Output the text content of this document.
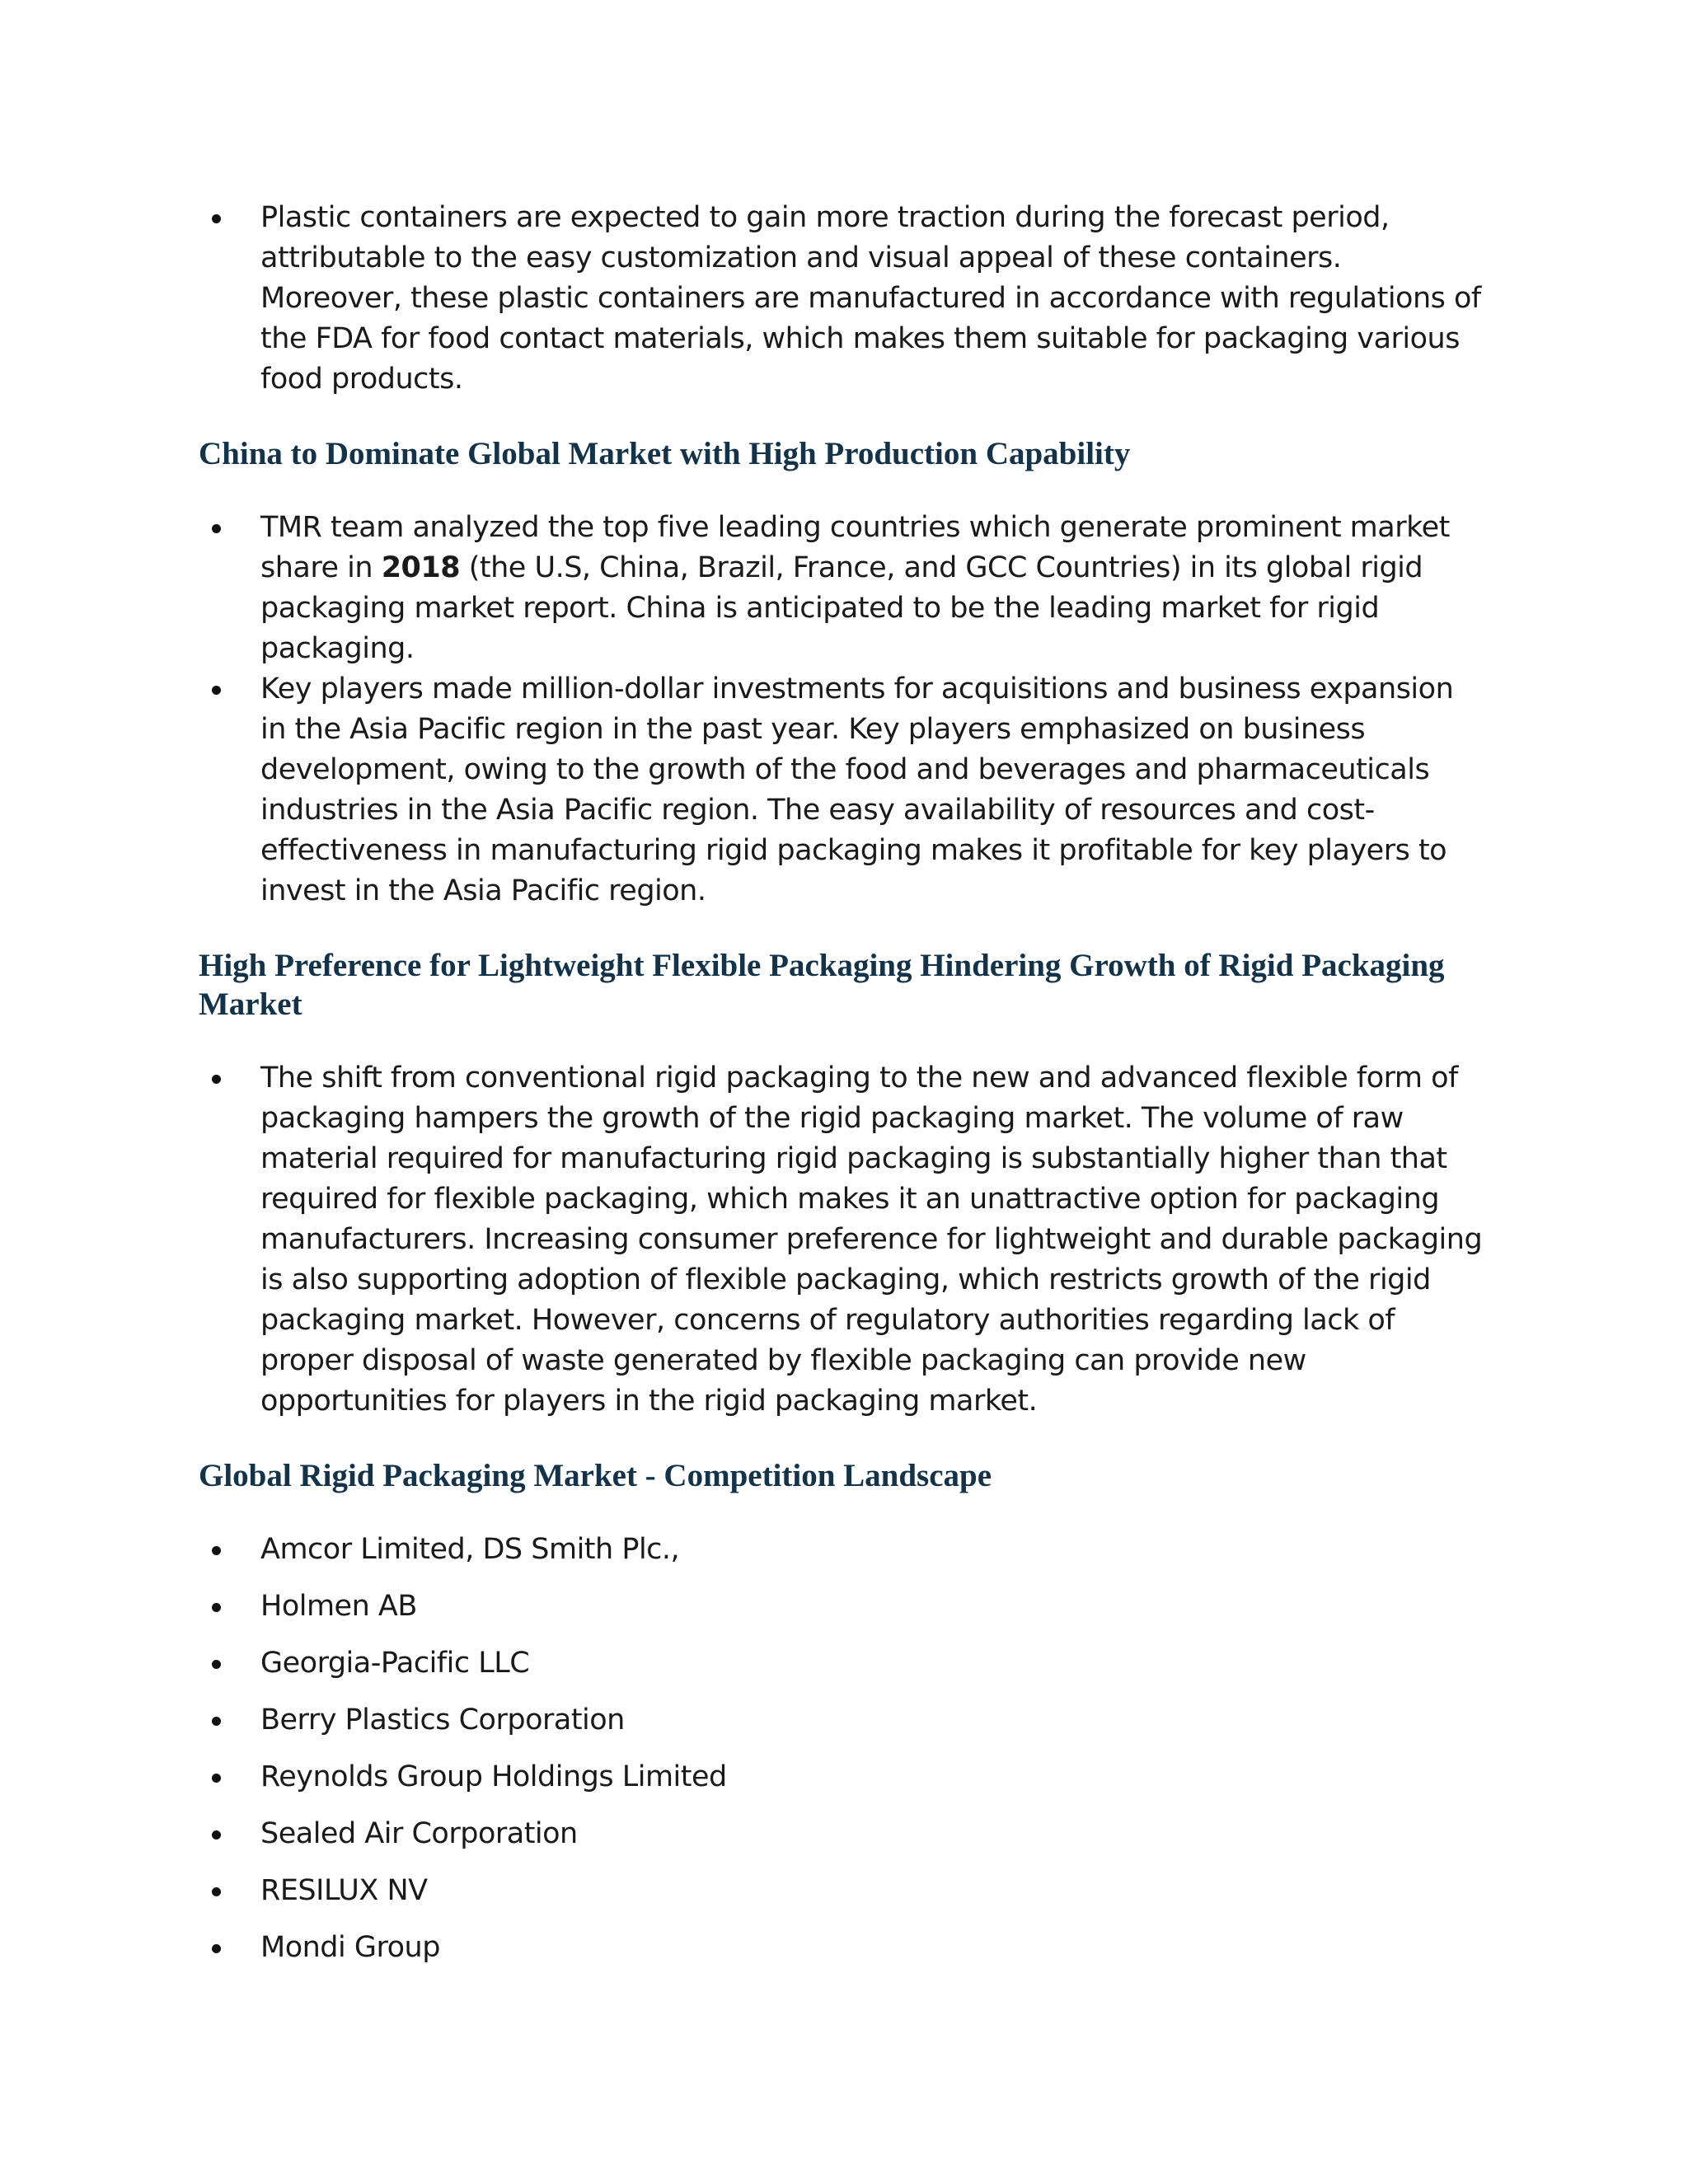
Plastic containers are expected to gain more traction during the forecast period, attributable to the easy customization and visual appeal of these containers. Moreover, these plastic containers are manufactured in accordance with regulations of the FDA for food contact materials, which makes them suitable for packaging various food products.
China to Dominate Global Market with High Production Capability
TMR team analyzed the top five leading countries which generate prominent market share in 2018 (the U.S, China, Brazil, France, and GCC Countries) in its global rigid packaging market report. China is anticipated to be the leading market for rigid packaging.
Key players made million-dollar investments for acquisitions and business expansion in the Asia Pacific region in the past year. Key players emphasized on business development, owing to the growth of the food and beverages and pharmaceuticals industries in the Asia Pacific region. The easy availability of resources and cost-effectiveness in manufacturing rigid packaging makes it profitable for key players to invest in the Asia Pacific region.
High Preference for Lightweight Flexible Packaging Hindering Growth of Rigid Packaging Market
The shift from conventional rigid packaging to the new and advanced flexible form of packaging hampers the growth of the rigid packaging market. The volume of raw material required for manufacturing rigid packaging is substantially higher than that required for flexible packaging, which makes it an unattractive option for packaging manufacturers. Increasing consumer preference for lightweight and durable packaging is also supporting adoption of flexible packaging, which restricts growth of the rigid packaging market. However, concerns of regulatory authorities regarding lack of proper disposal of waste generated by flexible packaging can provide new opportunities for players in the rigid packaging market.
Global Rigid Packaging Market - Competition Landscape
Amcor Limited, DS Smith Plc.,
Holmen AB
Georgia-Pacific LLC
Berry Plastics Corporation
Reynolds Group Holdings Limited
Sealed Air Corporation
RESILUX NV
Mondi Group
